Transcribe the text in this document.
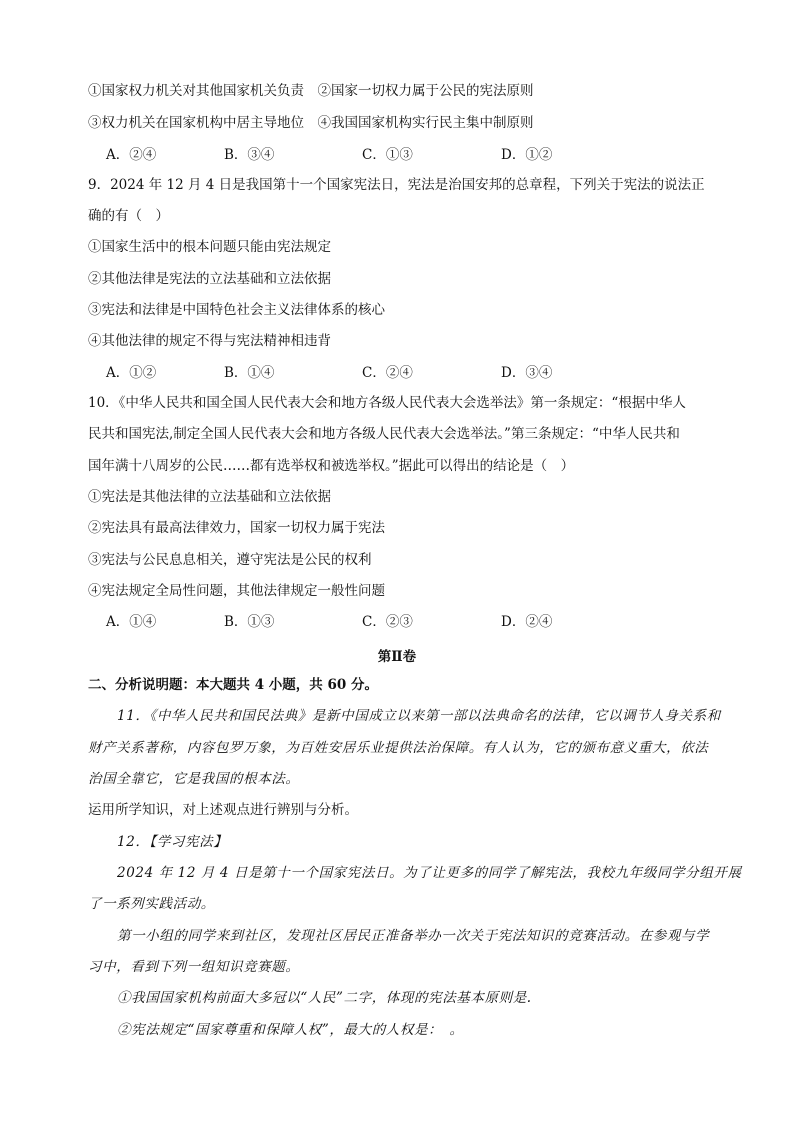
①国家权力机关对其他国家机关负责　②国家一切权力属于公民的宪法原则

③权力机关在国家机构中居主导地位　④我国国家机构实行民主集中制原则

A．②④	B．③④	C．①③	D．①②

9．2024 年 12 月 4 日是我国第十一个国家宪法日，宪法是治国安邦的总章程，下列关于宪法的说法正

确的有（　）

①国家生活中的根本问题只能由宪法规定

②其他法律是宪法的立法基础和立法依据

③宪法和法律是中国特色社会主义法律体系的核心

④其他法律的规定不得与宪法精神相违背

A．①②	B．①④	C．②④	D．③④

10．《中华人民共和国全国人民代表大会和地方各级人民代表大会选举法》第一条规定：“根据中华人

民共和国宪法,制定全国人民代表大会和地方各级人民代表大会选举法。”第三条规定：“中华人民共和

国年满十八周岁的公民……都有选举权和被选举权。”据此可以得出的结论是（　）

①宪法是其他法律的立法基础和立法依据

②宪法具有最高法律效力，国家一切权力属于宪法

③宪法与公民息息相关，遵守宪法是公民的权利

④宪法规定全局性问题，其他法律规定一般性问题

A．①④	B．①③	C．②③	D．②④
第Ⅱ卷

二、分析说明题：本大题共 4 小题，共 60 分。

11．《中华人民共和国民法典》是新中国成立以来第一部以法典命名的法律，它以调节人身关系和

财产关系著称，内容包罗万象，为百姓安居乐业提供法治保障。有人认为，它的颁布意义重大，依法

治国全靠它，它是我国的根本法。

运用所学知识，对上述观点进行辨别与分析。

12．【学习宪法】

2024 年 12 月 4 日是第十一个国家宪法日。为了让更多的同学了解宪法，我校九年级同学分组开展

了一系列实践活动。

第一小组的同学来到社区，发现社区居民正准备举办一次关于宪法知识的竞赛活动。在参观与学

习中，看到下列一组知识竞赛题。

①我国国家机构前面大多冠以“人民”二字，体现的宪法基本原则是.

②宪法规定“国家尊重和保障人权”，最大的人权是：　。
